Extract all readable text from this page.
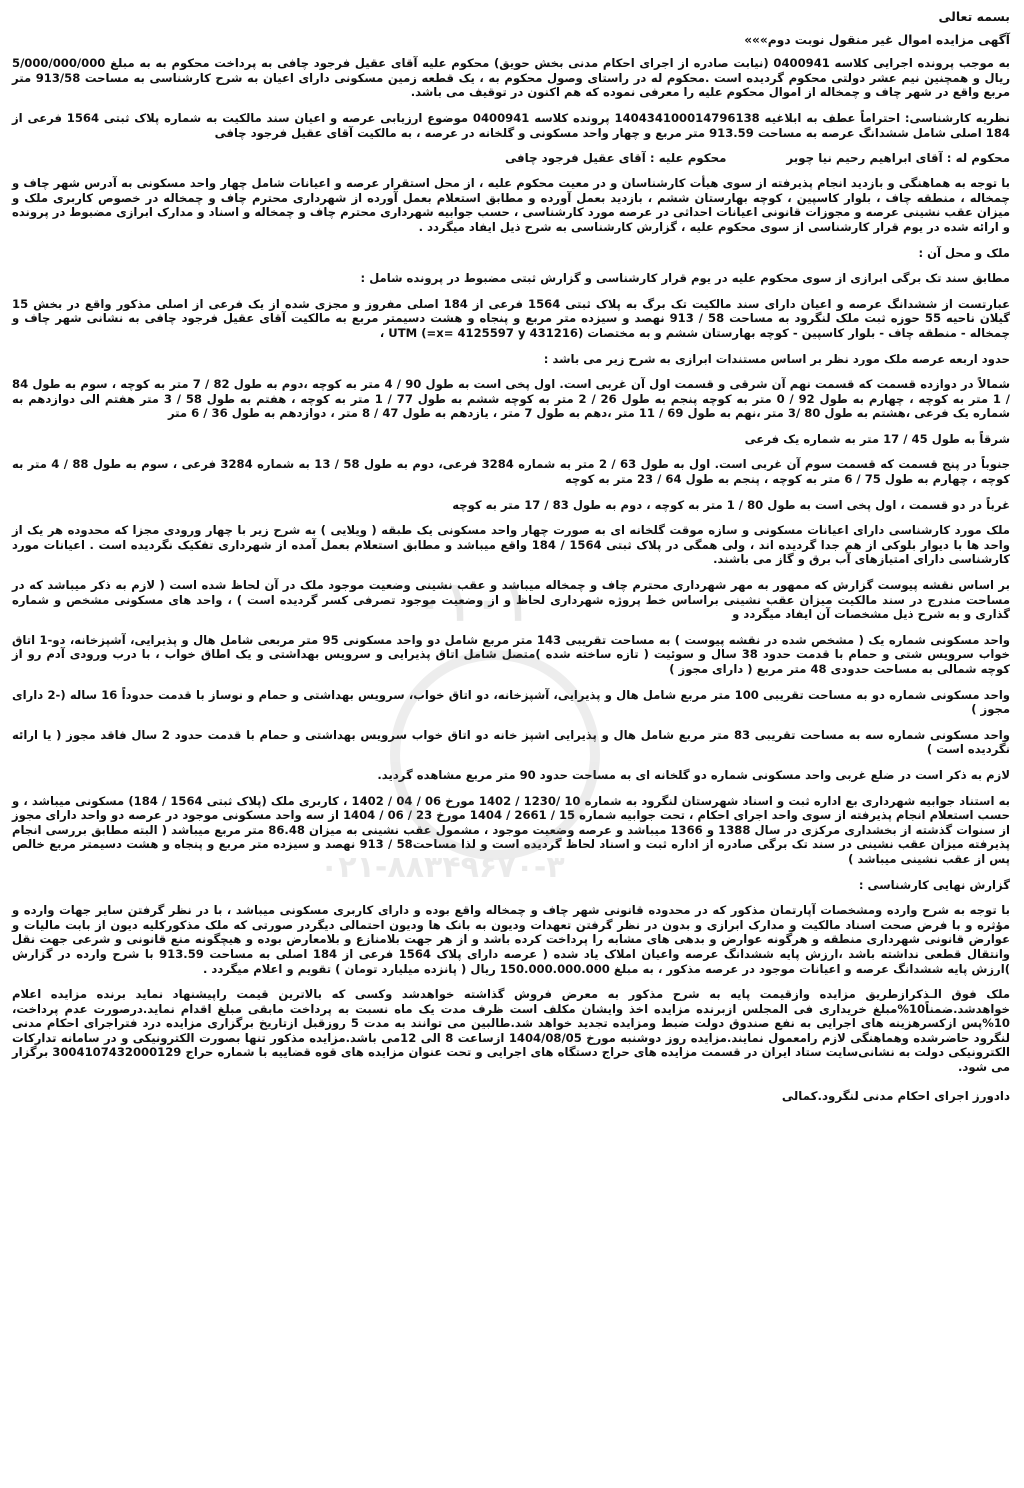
بسمه تعالی

آگهی مزایده اموال غیر منقول نوبت دوم»»»

به موجب پرونده اجرایی کلاسه 0400941 (نیابت صادره از اجرای احکام مدنی بخش حویق) محکوم علیه آقای عقیل فرجود چافی به پرداخت محکوم به به مبلغ 5/000/000/000 ریال و همچنین نیم عشر دولتی محکوم گردیده است .محکوم له در راستای وصول محکوم به ، یک قطعه زمین مسکونی دارای اعیان به شرح کارشناسی به مساحت 913/58 متر مربع واقع در شهر چاف و چمخاله از اموال محکوم علیه را معرفی نموده که هم اکنون در توقیف می باشد.

نظریه کارشناسی: احتراماً عطف به ابلاغیه 140434100014796138 پرونده کلاسه 0400941 موضوع ارزیابی عرصه و اعیان سند مالکیت به شماره پلاک ثبتی 1564 فرعی از 184 اصلی شامل ششدانگ عرصه به مساحت 913.59 متر مربع و چهار واحد مسکونی و گلخانه در عرصه ، به مالکیت آقای عقیل فرجود چافی

محکوم له : آقای ابراهیم رحیم نیا چوبر
محکوم علیه : آقای عقیل فرجود چافی

با توجه به هماهنگی و بازدید انجام پذیرفته از سوی هیأت کارشناسان و در معیت محکوم علیه ، از محل استقرار عرصه و اعیانات شامل چهار واحد مسکونی به آدرس شهر چاف و چمخاله ، منطقه چاف ، بلوار کاسپین ، کوچه بهارستان ششم ، بازدید بعمل آورده و مطابق استعلام بعمل آورده از شهرداری محترم چاف و چمخاله در خصوص کاربری ملک و میزان عقب نشینی عرصه و مجوزات قانونی اعیانات احداثی در عرصه مورد کارشناسی ، حسب جوابیه شهرداری محترم چاف و چمخاله و اسناد و مدارک ابرازی مضبوط در پرونده و ارائه شده در یوم قرار کارشناسی از سوی محکوم علیه ، گزارش کارشناسی به شرح ذیل ایفاد میگردد .

ملک و محل آن :

مطابق سند تک برگی ابرازی از سوی محکوم علیه در یوم قرار کارشناسی و گزارش ثبتی مضبوط در پرونده شامل :

عبارتست از ششدانگ عرصه و اعیان دارای سند مالکیت تک برگ به پلاک ثبتی 1564 فرعی از 184 اصلی مفروز و مجزی شده از یک فرعی از اصلی مذکور واقع در بخش 15 گیلان ناحیه 55 حوزه ثبت ملک لنگرود به مساحت 58 / 913 نهصد و سیزده متر مربع و پنجاه و هشت دسیمتر مربع به مالکیت آقای عقیل فرجود چافی به نشانی شهر چاف و چمخاله - منطقه چاف - بلوار کاسپین - کوچه بهارستان ششم و به مختصات (431216 x= 4125597 y=) UTM ،

حدود اربعه عرصه ملک مورد نظر بر اساس مستندات ابرازی به شرح زیر می باشد :

شمالاً در دوازده قسمت که قسمت نهم آن شرقی و قسمت اول آن غربی است. اول پخی است به طول 90 / 4 متر به کوچه ،دوم به طول 82 / 7 متر به کوچه ، سوم به طول 84 / 1 متر به کوچه ، چهارم به طول 92 / 0 متر به کوچه پنجم به طول 26 / 2 متر به کوچه ششم به طول 77 / 1 متر به کوچه ، هفتم به طول 58 / 3 متر هفتم الی دوازدهم به شماره یک فرعی ،هشتم به طول 80 /3 متر ،نهم به طول 69 / 11 متر ،دهم به طول 7 متر ، یازدهم به طول 47 / 8 متر ، دوازدهم به طول 36 / 6 متر

شرقاً به طول 45 / 17 متر به شماره یک فرعی

جنوباً در پنج قسمت که قسمت سوم آن غربی است. اول به طول 63 / 2 متر به شماره 3284 فرعی، دوم به طول 58 / 13 به شماره 3284 فرعی ، سوم به طول 88 / 4 متر به کوچه ، چهارم به طول 75 / 6 متر به کوچه ، پنجم به طول 64 / 23 متر به کوچه

غرباً در دو قسمت ، اول پخی است به طول 80 / 1 متر به کوچه ، دوم به طول 83 / 17 متر به کوچه

ملک مورد کارشناسی دارای اعیانات مسکونی و سازه موقت گلخانه ای به صورت چهار واحد مسکونی یک طبقه ( ویلایی ) به شرح زیر با چهار ورودی مجزا که محدوده هر یک از واحد ها با دیوار بلوکی از هم جدا گردیده اند ، ولی همگی در پلاک ثبتی 1564 / 184 واقع میباشد و مطابق استعلام بعمل آمده از شهرداری تفکیک نگردیده است . اعیانات مورد کارشناسی دارای امتیازهای آب برق و گاز می باشند.

بر اساس نقشه پیوست گزارش که ممهور به مهر شهرداری محترم چاف و چمخاله میباشد و عقب نشینی وضعیت موجود ملک در آن لحاظ شده است ( لازم به ذکر میباشد که در مساحت مندرج در سند مالکیت میزان عقب نشینی براساس خط پروژه شهرداری لحاظ و از وضعیت موجود تصرفی کسر گردیده است ) ، واحد های مسکونی مشخص و شماره گذاری و به شرح ذیل مشخصات آن ایفاد میگردد و

واحد مسکونی شماره یک ( مشخص شده در نقشه پیوست ) به مساحت تقریبی 143 متر مربع شامل دو واحد مسکونی 95 متر مربعی شامل هال و پذیرایی، آشپزخانه، دو-1 اتاق خواب سرویس شتی و حمام با قدمت حدود 38 سال و سوئیت ( تازه ساخته شده )متصل شامل اتاق پذیرایی و سرویس بهداشتی و یک اطاق خواب ، با درب ورودی آدم رو از کوچه شمالی به مساحت حدودی 48 متر مربع ( دارای مجوز )

واحد مسکونی شماره دو به مساحت تقریبی 100 متر مربع شامل هال و پذیرایی، آشپزخانه، دو اتاق خواب، سرویس بهداشتی و حمام و نوساز با قدمت حدوداً 16 ساله (-2 دارای مجوز )

واحد مسکونی شماره سه به مساحت تقریبی 83 متر مربع شامل هال و پذیرایی اشپز خانه دو اتاق خواب سرویس بهداشتی و حمام با قدمت حدود 2 سال فاقد مجوز ( یا ارائه نگردیده است )

لازم به ذکر است در ضلع غربی واحد مسکونی شماره دو گلخانه ای به مساحت حدود 90 متر مربع مشاهده گردید.

به استناد جوابیه شهرداری بع اداره ثبت و اسناد شهرستان لنگرود به شماره 10 /1230 / 1402 مورخ 06 / 04 / 1402 ، کاربری ملک (پلاک ثبتی 1564 / 184) مسکونی میباشد ، و حسب استعلام انجام پذیرفته از سوی واحد اجرای احکام ، تحت جوابیه شماره 15 / 2661 / 1404 مورخ 23 / 06 / 1404 از سه واحد مسکونی موجود در عرصه دو واحد دارای مجوز از سنوات گذشته از بخشداری مرکزی در سال 1388 و 1366 میباشد و عرصه وضعیت موجود ، مشمول عقب نشینی به میزان 86.48 متر مربع میباشد ( البته مطابق بررسی انجام پذیرفته میزان عقب نشینی در سند تک برگی صادره از اداره ثبت و اسناد لحاظ گردیده است و لذا مساحت58 / 913 نهصد و سیزده متر مربع و پنجاه و هشت دسیمتر مربع خالص پس از عقب نشینی میباشد )

گزارش نهایی کارشناسی :

با توجه به شرح وارده ومشخصات آپارتمان مذکور که در محدوده قانونی شهر چاف و چمخاله واقع بوده و دارای کاربری مسکونی میباشد ، با در نظر گرفتن سایر جهات وارده و مؤثره و با فرض صحت اسناد مالکیت و مدارک ابرازی و بدون در نظر گرفتن تعهدات ودیون به بانک ها ودیون احتمالی دیگردر صورتی که ملک مذکورکلیه دیون از بابت مالیات و عوارض قانونی شهرداری منطقه و هرگونه عوارض و بدهی های مشابه را پرداخت کرده باشد و از هر جهت بلامنازع و بلامعارض بوده و هیچگونه منع قانونی و شرعی جهت نقل وانتقال قطعی نداشته باشد ،ارزش پایه ششدانگ عرصه واعیان املاک یاد شده ( عرصه دارای پلاک 1564 فرعی از 184 اصلی به مساحت 913.59 با شرح وارده در گزارش )ارزش پایه ششدانگ عرصه و اعیانات موجود در عرصه مذکور ، به مبلغ 150.000.000.000 ریال ( پانزده میلیارد تومان ) تقویم و اعلام میگردد .

ملک فوق الـذکرازطریق مزایده وازقیمت پایه به شرح مذکور به معرض فروش گذاشته خواهدشد وکسی که بالاترین قیمت راپیشنهاد نماید برنده مزایده اعلام خواهدشد.ضمناً10%مبلغ خریداری فی المجلس ازبرنده مزایده اخذ وایشان مکلف است ظرف مدت یک ماه نسبت به پرداخت مابقی مبلغ اقدام نماید.درصورت عدم پرداخت، 10%پس ازکسرهزینه های اجرایی به نفع صندوق دولت ضبط ومزایده تجدید خواهد شد.طالبین می توانند به مدت 5 روزقبل ازتاریخ برگزاری مزایده درد فتراجرای احکام مدنی لنگرود حاضرشده وهماهنگی لازم رامعمول نمایند.مزایده روز دوشنبه مورخ 1404/08/05 ازساعت 8 الی 12می باشد.مزایده مذکور تنها بصورت الکترونیکی و در سامانه تدارکات الکترونیکی دولت به نشانی‌سایت ستاد ایران در قسمت مزایده های حراج دستگاه های اجرایی و تحت عنوان مزایده های قوه قضاییه با شماره حراج 3004107432000129 برگزار می شود.

دادورز اجرای احکام مدنی لنگرود.کمالی

۰۱۰۱
۰۲۱-۸۸۳۴۹۶۷۰-۳
